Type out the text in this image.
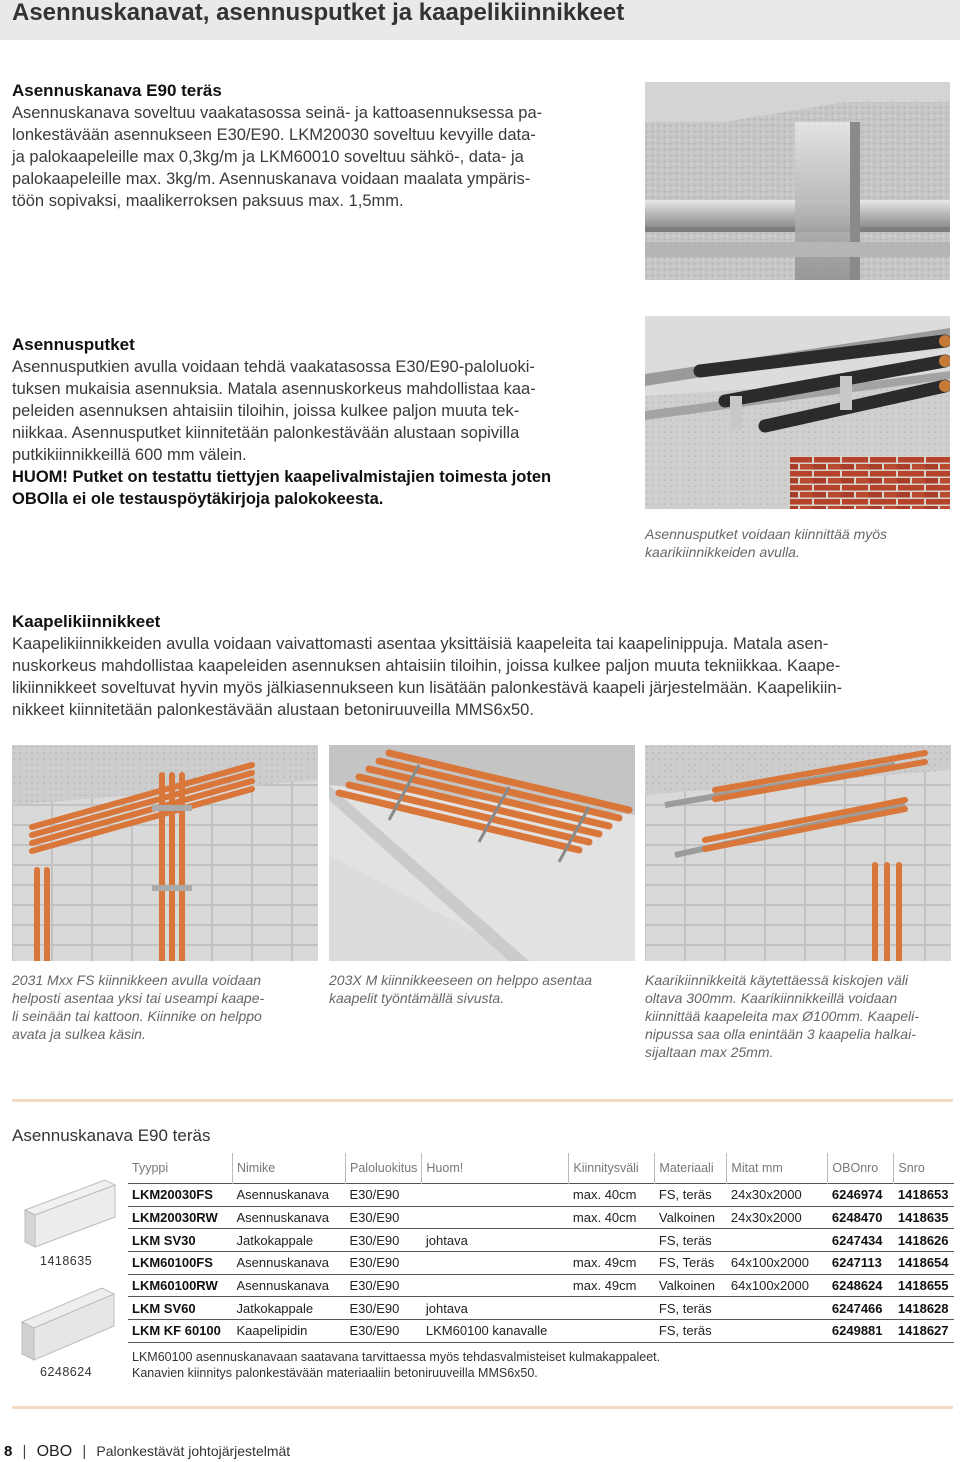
Asennuskanavat, asennusputket ja kaapelikiinnikkeet

Asennuskanava E90 teräs

Asennuskanava soveltuu vaakatasossa seinä- ja kattoasennuksessa pa-

lonkestävään asennukseen E30/E90. LKM20030 soveltuu kevyille data-

ja palokaapeleille max 0,3kg/m ja LKM60010 soveltuu sähkö-, data- ja

palokaapeleille max. 3kg/m. Asennuskanava voidaan maalata ympäris-

töön sopivaksi, maalikerroksen paksuus max. 1,5mm.

Asennusputket

Asennusputkien avulla voidaan tehdä vaakatasossa E30/E90-paloluoki-

tuksen mukaisia asennuksia. Matala asennuskorkeus mahdollistaa kaa-

peleiden asennuksen ahtaisiin tiloihin, joissa kulkee paljon muuta tek-

niikkaa. Asennusputket kiinnitetään palonkestävään alustaan sopivilla

putkikiinnikkeillä 600 mm välein.

HUOM! Putket on testattu tiettyjen kaapelivalmistajien toimesta joten

OBOlla ei ole testauspöytäkirjoja palokokeesta.

Asennusputket voidaan kiinnittää myös

kaarikiinnikkeiden avulla.

Kaapelikiinnikkeet

Kaapelikiinnikkeiden avulla voidaan vaivattomasti asentaa yksittäisiä kaapeleita tai kaapelinippuja. Matala asen-

nuskorkeus mahdollistaa kaapeleiden asennuksen ahtaisiin tiloihin, joissa kulkee paljon muuta tekniikkaa. Kaape-

likiinnikkeet soveltuvat hyvin myös jälkiasennukseen kun lisätään palonkestävä kaapeli järjestelmään. Kaapelikiin-

nikkeet kiinnitetään palonkestävään alustaan betoniruuveilla MMS6x50.

2031 Mxx FS kiinnikkeen avulla voidaan

helposti asentaa yksi tai useampi kaape-

li seinään tai kattoon. Kiinnike on helppo

avata ja sulkea käsin.

203X M kiinnikkeeseen on helppo asentaa

kaapelit työntämällä sivusta.

Kaarikiinnikkeitä käytettäessä kiskojen väli

oltava 300mm. Kaarikiinnikkeillä voidaan

kiinnittää kaapeleita max Ø100mm. Kaapeli-

nipussa saa olla enintään 3 kaapelia halkai-

sijaltaan max 25mm.

Asennuskanava E90 teräs
1418635
6248624
Tyyppi	Nimike	Paloluokitus	Huom!	Kiinnitysväli	Materiaali	Mitat mm	OBOnro	Snro
LKM20030FS	Asennuskanava	E30/E90		max. 40cm	FS, teräs	24x30x2000	6246974	1418653
LKM20030RW	Asennuskanava	E30/E90		max. 40cm	Valkoinen	24x30x2000	6248470	1418635
LKM SV30	Jatkokappale	E30/E90	johtava		FS, teräs		6247434	1418626
LKM60100FS	Asennuskanava	E30/E90		max. 49cm	FS, Teräs	64x100x2000	6247113	1418654
LKM60100RW	Asennuskanava	E30/E90		max. 49cm	Valkoinen	64x100x2000	6248624	1418655
LKM SV60	Jatkokappale	E30/E90	johtava		FS, teräs		6247466	1418628
LKM KF 60100	Kaapelipidin	E30/E90	LKM60100 kanavalle		FS, teräs		6249881	1418627
LKM60100 asennuskanavaan saatavana tarvittaessa myös tehdasvalmisteiset kulmakappaleet.
Kanavien kiinnitys palonkestävään materiaaliin betoniruuveilla MMS6x50.
8 | OBO | Palonkestävät johtojärjestelmät
